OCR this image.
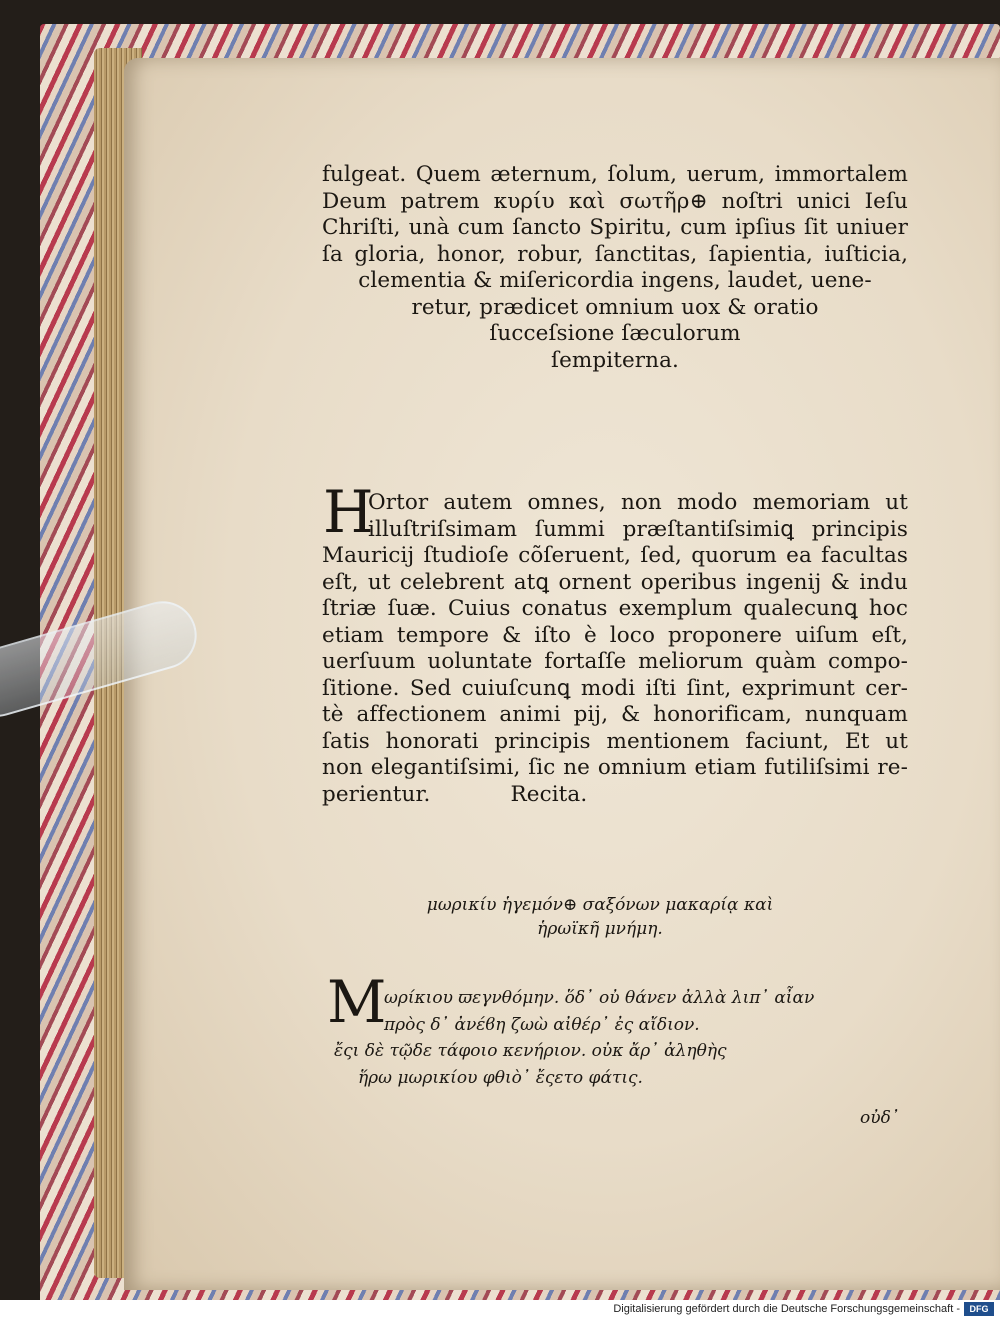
fulgeat. Quem æternum, ſolum, uerum, immortalem
Deum patrem κυρίυ καὶ σωτῆρ⊕ noſtri unici Ieſu
Chriſti, unà cum ſancto Spiritu, cum ipſius ſit uniuer
ſa gloria, honor, robur, ſanctitas, ſapientia, iuſticia,
clementia & miſericordia ingens, laudet, uene-
retur, prædicet omnium uox & oratio
ſucceſsione ſæculorum
ſempiterna.
H
Ortor autem omnes, non modo memoriam ut
illuſtriſsimam ſummi præſtantiſsimiꝗ principis
Mauricij ſtudioſe cõſeruent, ſed, quorum ea facultas
eſt, ut celebrent atꝗ ornent operibus ingenij & indu
ſtriæ ſuæ. Cuius conatus exemplum qualecunꝗ hoc
etiam tempore & iſto è loco proponere uiſum eſt,
uerſuum uoluntate fortaſſe meliorum quàm compo-
ſitione. Sed cuiuſcunꝗ modi iſti ſint, exprimunt cer-
tè affectionem animi pij, & honorificam, nunquam
ſatis honorati principis mentionem faciunt, Et ut
non elegantiſsimi, ſic ne omnium etiam futiliſsimi re-
perientur.	Recita.
μωρικίυ ἡγεμόν⊕ σαξόνων μακαρίᾳ καὶ
ἡρωϊκῆ μνήμη.
M
ωρίκιου ϖεγνθόμην. ὅδ᾽ οὐ θάνεν ἀλλὰ λιπ᾽ αἶαν
πρὸς δ᾽ ἀνέϐη ζωὼ αἰθέρ᾽ ἐς αἴδιον.
ἔςι δὲ τῷδε τάφοιο κενήριον. οὐκ ἄρ᾽ ἀληθὴς
ἥρω μωρικίου φθιὸ᾽ ἔςετο φάτις.
οὐδ᾽
Digitalisierung gefördert durch die Deutsche Forschungsgemeinschaft -	DFG
